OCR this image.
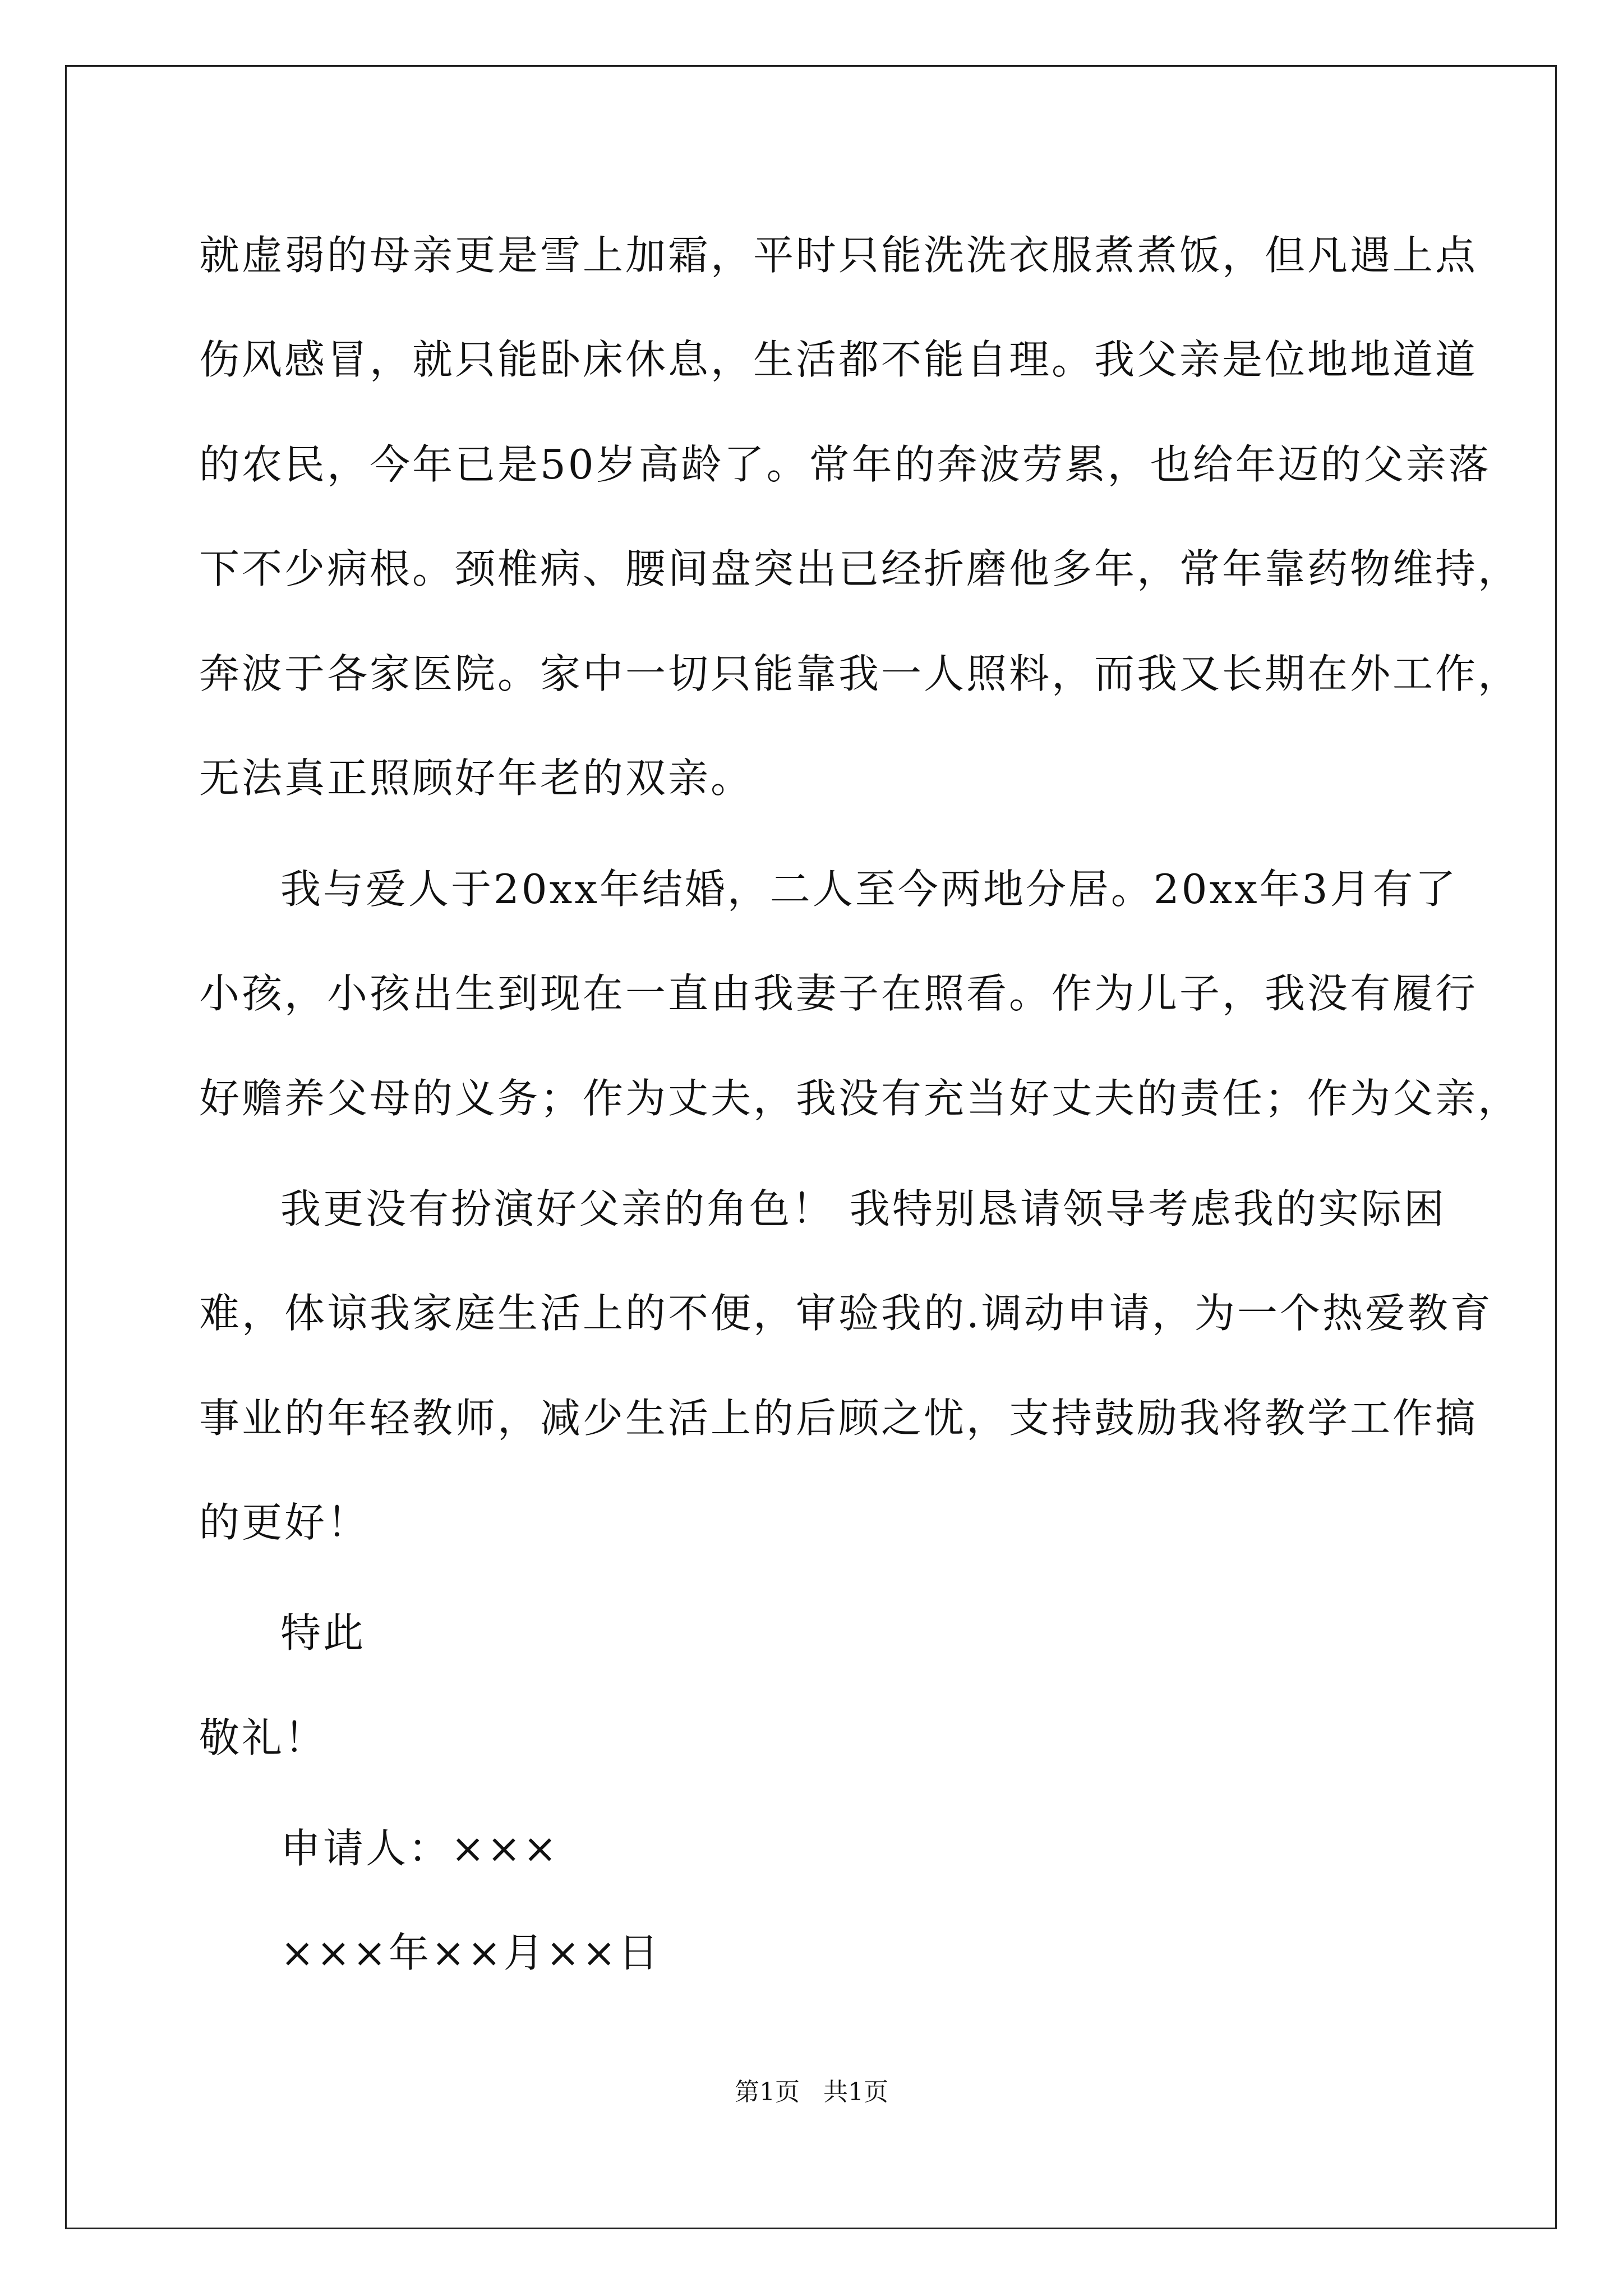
就虚弱的母亲更是雪上加霜，平时只能洗洗衣服煮煮饭，但凡遇上点
伤风感冒，就只能卧床休息，生活都不能自理。我父亲是位地地道道
的农民，今年已是50岁高龄了。常年的奔波劳累，也给年迈的父亲落
下不少病根。颈椎病、腰间盘突出已经折磨他多年，常年靠药物维持，
奔波于各家医院。家中一切只能靠我一人照料，而我又长期在外工作，
无法真正照顾好年老的双亲。
我与爱人于20xx年结婚，二人至今两地分居。20xx年3月有了
小孩，小孩出生到现在一直由我妻子在照看。作为儿子，我没有履行
好赡养父母的义务；作为丈夫，我没有充当好丈夫的责任；作为父亲，
我更没有扮演好父亲的角色！ 我特别恳请领导考虑我的实际困
难，体谅我家庭生活上的不便，审验我的.调动申请，为一个热爱教育
事业的年轻教师，减少生活上的后顾之忧，支持鼓励我将教学工作搞
的更好！
特此
敬礼！
申请人：×××
×××年××月××日
第1页 共1页
